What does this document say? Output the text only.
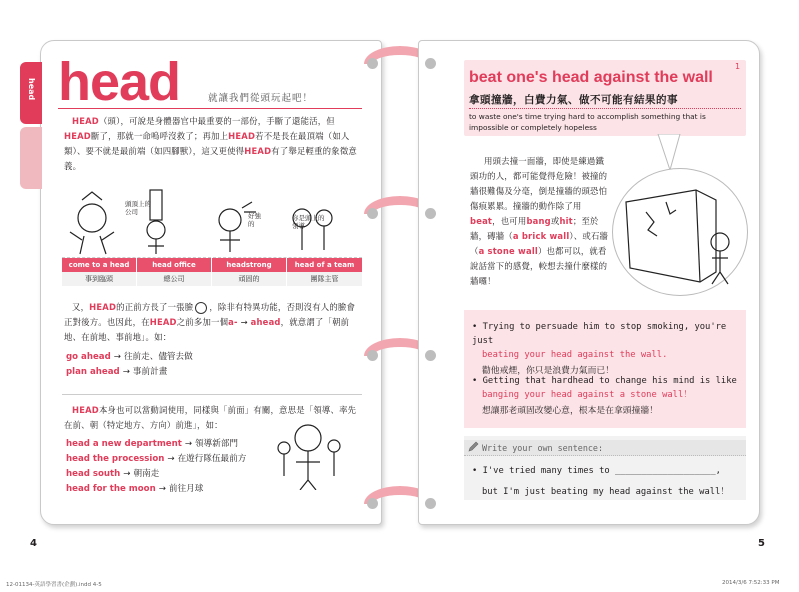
head head	就讓我們從頭玩起吧！
HEAD（頭），可說是身體器官中最重要的一部份，手斷了還能活，但HEAD斷了，那就一命嗚呼沒救了；再加上HEAD若不是長在最頂端（如人類）、要不就是最前端（如四腳獸），這又更使得HEAD有了舉足輕重的象徵意義。
頭頂上的公司	好強的
你是頭上的領導
come to a head	head office	headstrong	head of a team
事到臨頭	總公司	頑固的	團隊主管
又，HEAD的正前方長了一張臉 ，除非有特異功能，否則沒有人的臉會正對後方。也因此，在HEAD之前多加一個a- → ahead，就意謂了「朝前地、在前地、事前地」。如：
go ahead → 往前走、儘管去做
plan ahead → 事前計畫
HEAD本身也可以當動詞使用，同樣與「前面」有關，意思是「領導、率先在前、朝（特定地方、方向）前進」，如：
head a new department → 領導新部門
head the procession → 在遊行隊伍最前方
head south → 朝南走
head for the moon → 前往月球
4
1
beat one's head against the wall
拿頭撞牆，白費力氣、做不可能有結果的事
to waste one's time trying hard to accomplish something that is impossible or completely hopeless
用頭去撞一面牆，即使是練過鐵頭功的人，都可能覺得危險！被撞的牆很難傷及分毫，倒是撞牆的頭恐怕傷痕累累。撞牆的動作除了用beat，也可用bang或hit；至於牆，磚牆（a brick wall）、或石牆（a stone wall）也都可以，就看說話當下的感覺，較想去撞什麼樣的牆囉！
• Trying to persuade him to stop smoking, you're just
beating your head against the wall.
勸他戒煙，你只是浪費力氣而已！
• Getting that hardhead to change his mind is like
banging your head against a stone wall！
想讓那老頑固改變心意，根本是在拿頭撞牆！
Write your own sentence:
• I've tried many times to ___________________,
but I'm just beating my head against the wall！
5
12-01134-英語學習書(企劃).indd 4-5	2014/3/6 7:52:33 PM
